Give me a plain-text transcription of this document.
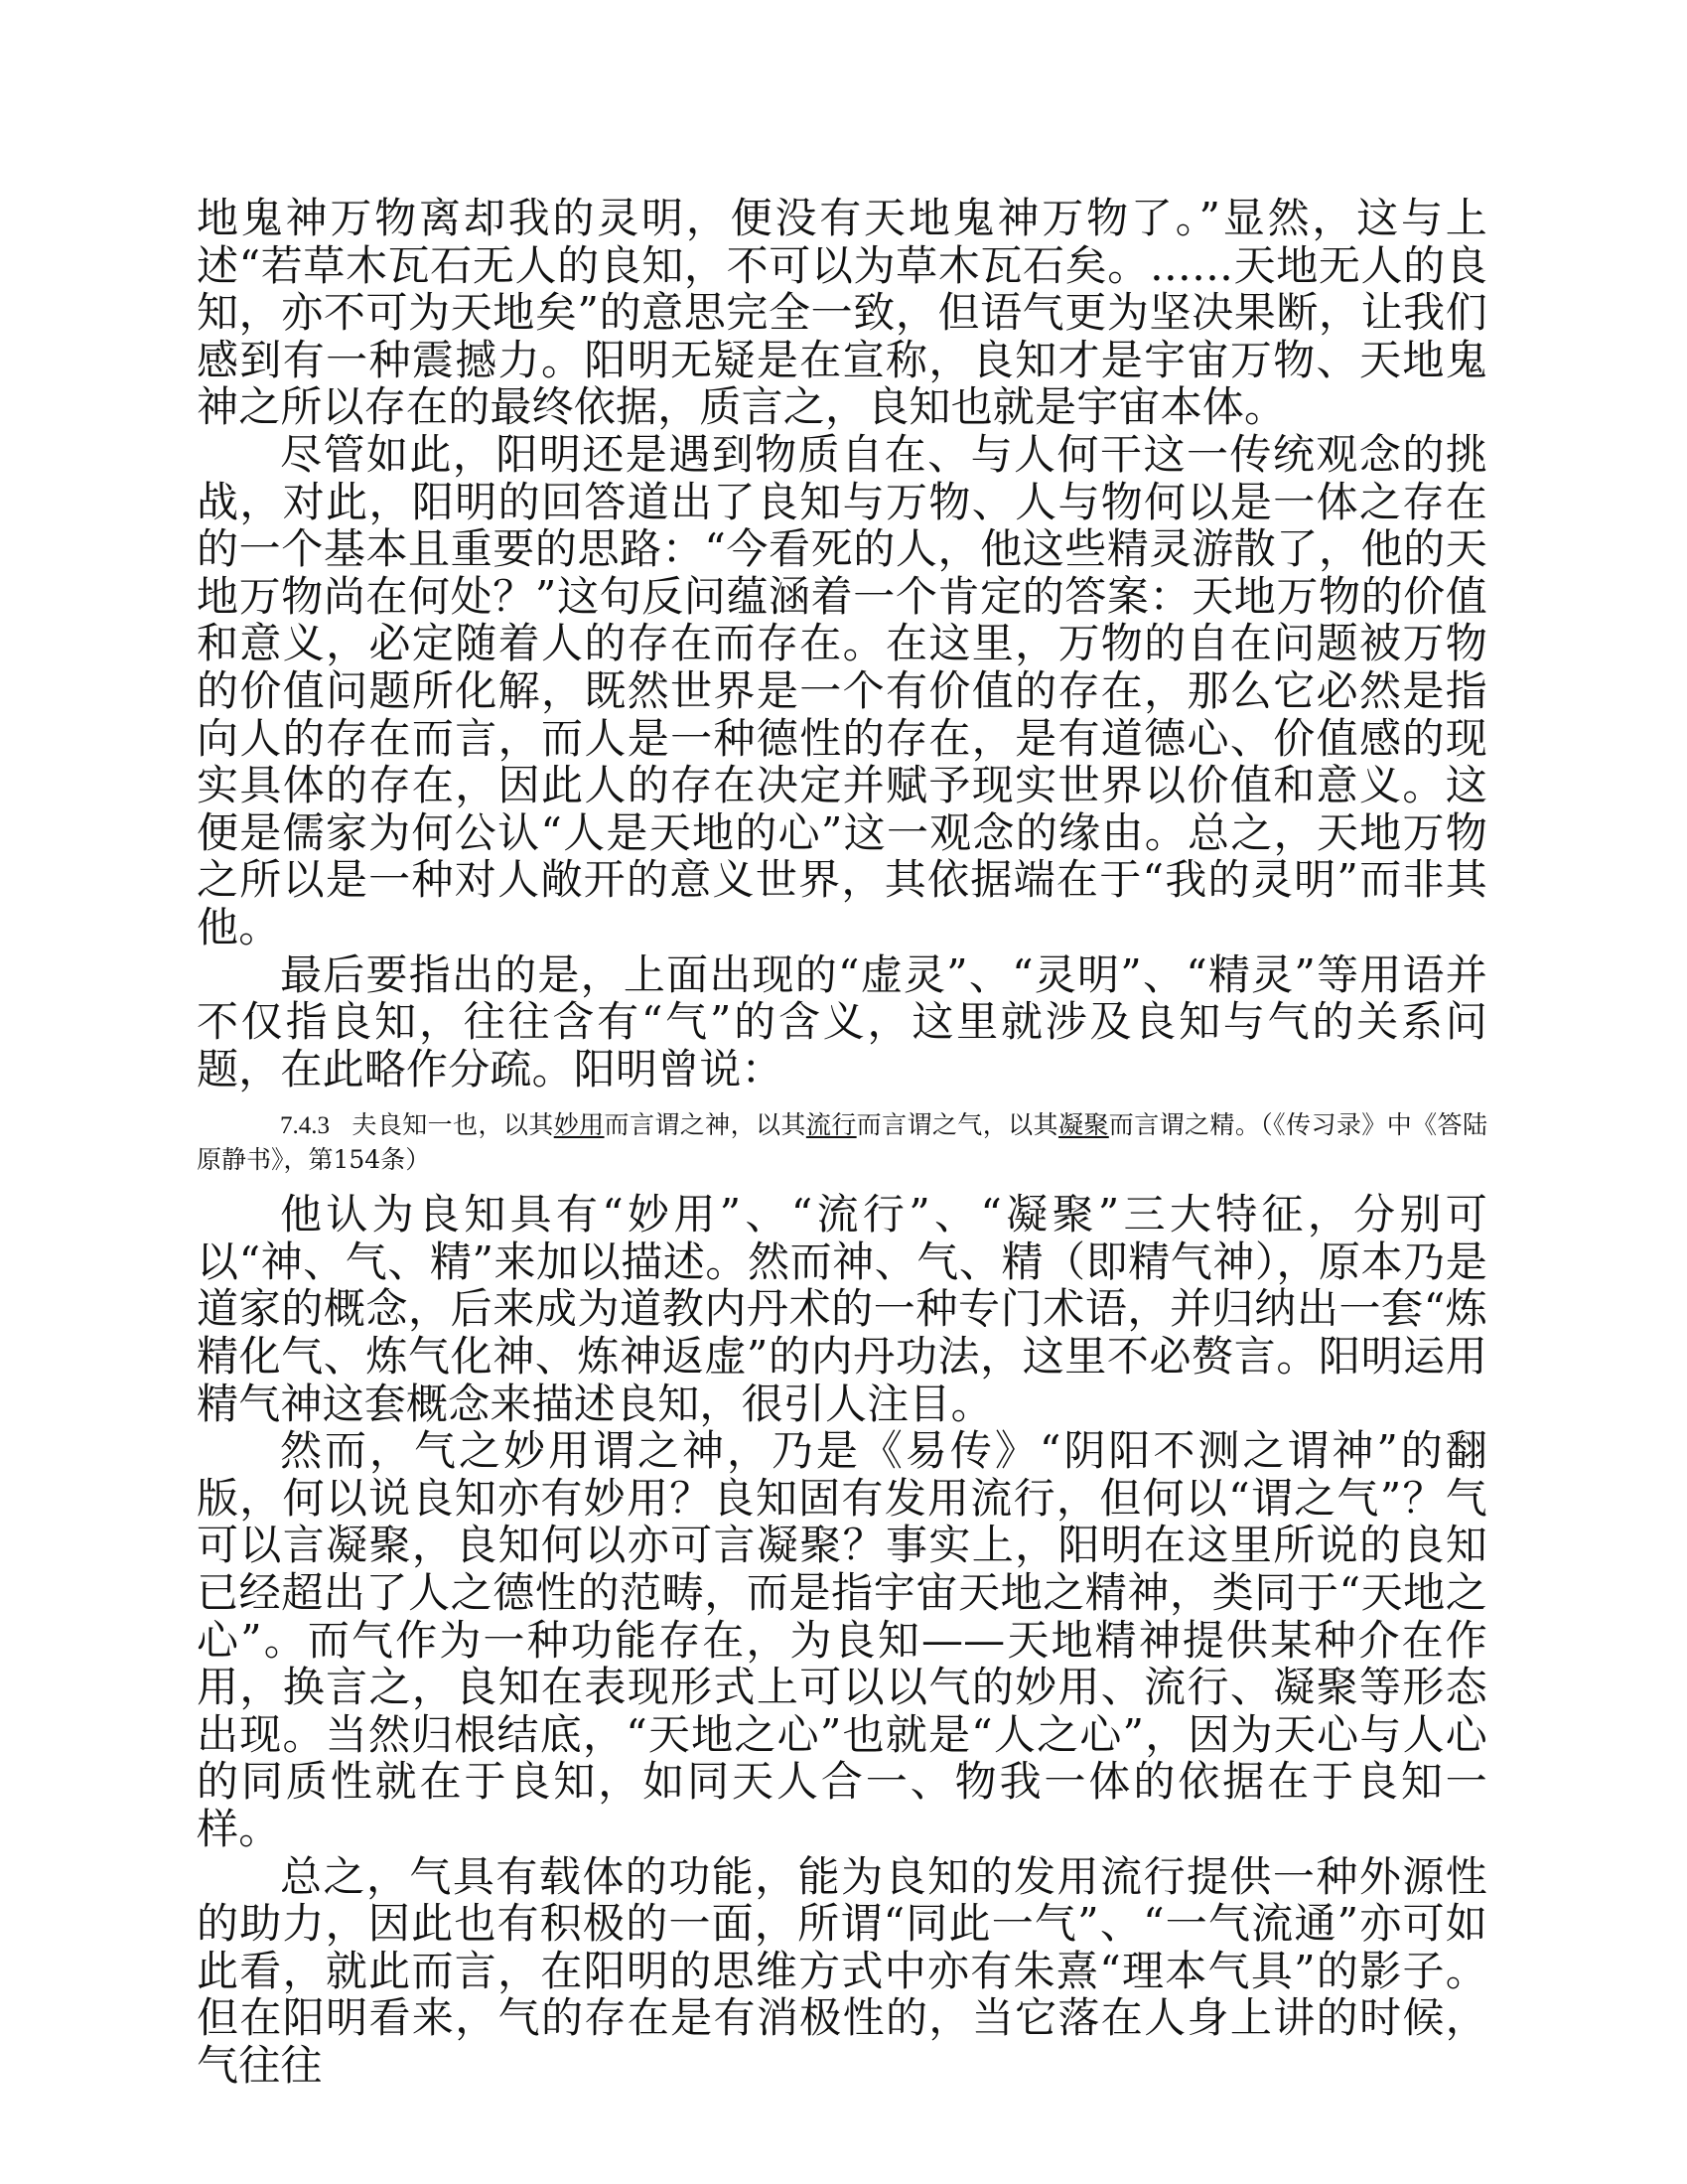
地鬼神万物离却我的灵明，便没有天地鬼神万物了。”显然，这与上述“若草木瓦石无人的良知，不可以为草木瓦石矣。……天地无人的良知，亦不可为天地矣”的意思完全一致，但语气更为坚决果断，让我们感到有一种震撼力。阳明无疑是在宣称，良知才是宇宙万物、天地鬼神之所以存在的最终依据，质言之，良知也就是宇宙本体。

尽管如此，阳明还是遇到物质自在、与人何干这一传统观念的挑战，对此，阳明的回答道出了良知与万物、人与物何以是一体之存在的一个基本且重要的思路：“今看死的人，他这些精灵游散了，他的天地万物尚在何处？”这句反问蕴涵着一个肯定的答案：天地万物的价值和意义，必定随着人的存在而存在。在这里，万物的自在问题被万物的价值问题所化解，既然世界是一个有价值的存在，那么它必然是指向人的存在而言，而人是一种德性的存在，是有道德心、价值感的现实具体的存在，因此人的存在决定并赋予现实世界以价值和意义。这便是儒家为何公认“人是天地的心”这一观念的缘由。总之，天地万物之所以是一种对人敞开的意义世界，其依据端在于“我的灵明”而非其他。

最后要指出的是，上面出现的“虚灵”、“灵明”、“精灵”等用语并不仅指良知，往往含有“气”的含义，这里就涉及良知与气的关系问题，在此略作分疏。阳明曾说：

7.4.3 夫良知一也，以其妙用而言谓之神，以其流行而言谓之气，以其凝聚而言谓之精。（《传习录》中《答陆原静书》，第154条）

他认为良知具有“妙用”、“流行”、“凝聚”三大特征，分别可以“神、气、精”来加以描述。然而神、气、精（即精气神），原本乃是道家的概念，后来成为道教内丹术的一种专门术语，并归纳出一套“炼精化气、炼气化神、炼神返虚”的内丹功法，这里不必赘言。阳明运用精气神这套概念来描述良知，很引人注目。

然而，气之妙用谓之神，乃是《易传》“阴阳不测之谓神”的翻版，何以说良知亦有妙用？良知固有发用流行，但何以“谓之气”？气可以言凝聚，良知何以亦可言凝聚？事实上，阳明在这里所说的良知已经超出了人之德性的范畴，而是指宇宙天地之精神，类同于“天地之心”。而气作为一种功能存在，为良知——天地精神提供某种介在作用，换言之，良知在表现形式上可以以气的妙用、流行、凝聚等形态出现。当然归根结底，“天地之心”也就是“人之心”，因为天心与人心的同质性就在于良知，如同天人合一、物我一体的依据在于良知一样。

总之，气具有载体的功能，能为良知的发用流行提供一种外源性的助力，因此也有积极的一面，所谓“同此一气”、“一气流通”亦可如此看，就此而言，在阳明的思维方式中亦有朱熹“理本气具”的影子。但在阳明看来，气的存在是有消极性的，当它落在人身上讲的时候，气往往
